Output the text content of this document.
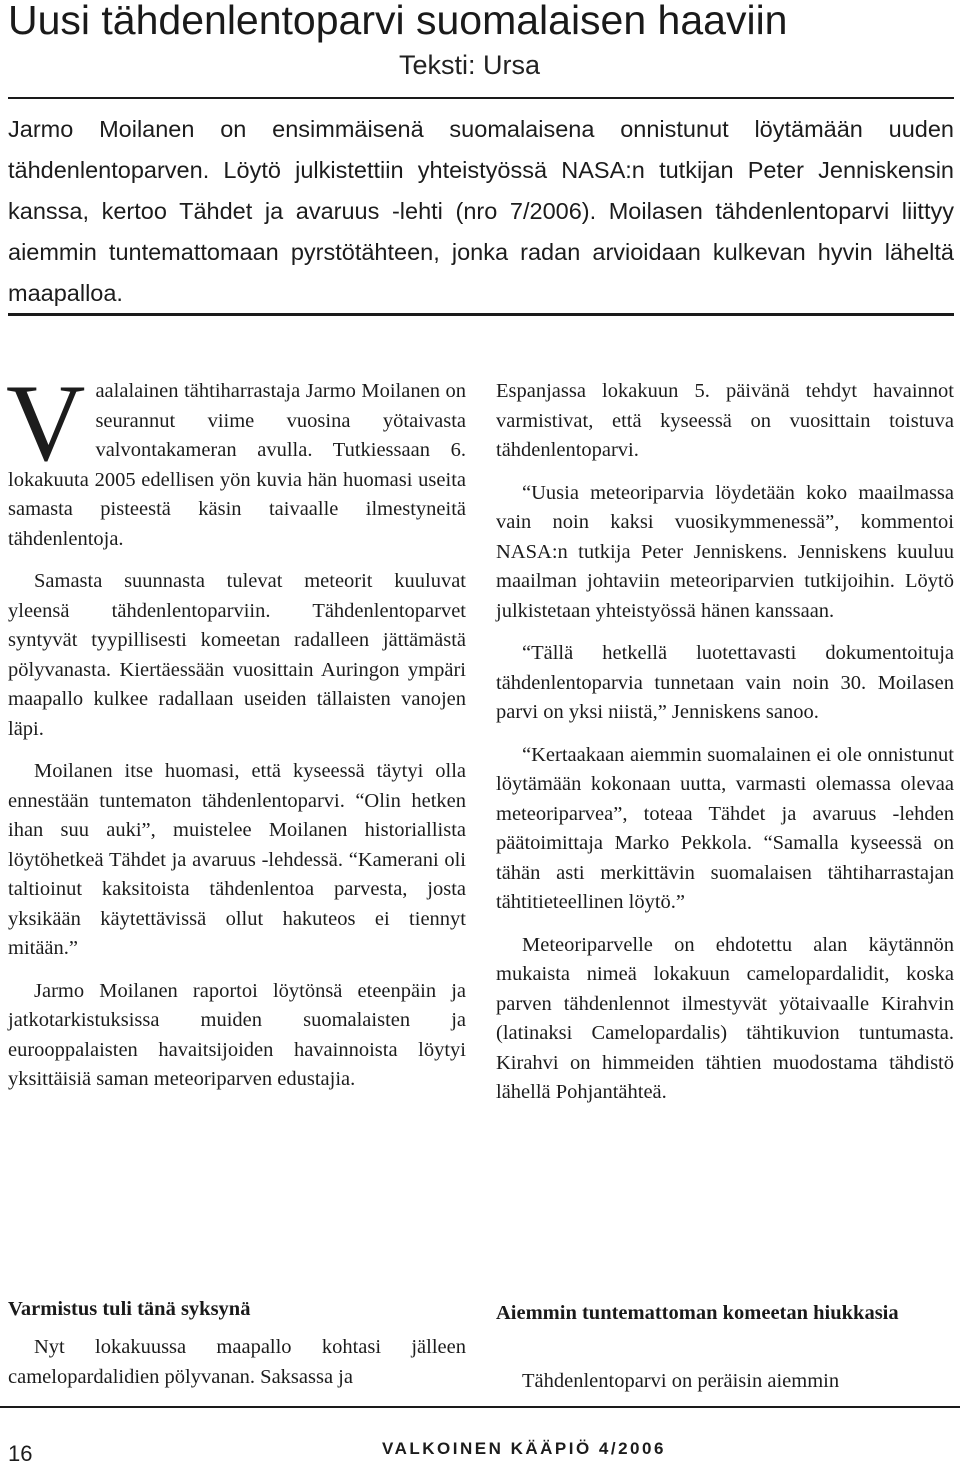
Uusi tähdenlentoparvi suomalaisen haaviin
Teksti: Ursa

Jarmo Moilanen on ensimmäisenä suomalaisena onnistunut löytämään uuden tähdenlentoparven. Löytö julkistettiin yhteistyössä NASA:n tutkijan Peter Jenniskensin kanssa, kertoo Tähdet ja avaruus -lehti (nro 7/2006). Moilasen tähdenlentoparvi liittyy aiemmin tuntemattomaan pyrstötähteen, jonka radan arvioidaan kulkevan hyvin läheltä maapalloa.

Vaalalainen tähtiharrastaja Jarmo Moilanen on seurannut viime vuosina yötaivasta valvontakameran avulla. Tutkiessaan 6. lokakuuta 2005 edellisen yön kuvia hän huomasi useita samasta pisteestä käsin taivaalle ilmestyneitä tähdenlentoja.

Samasta suunnasta tulevat meteorit kuuluvat yleensä tähdenlentoparviin. Tähdenlentoparvet syntyvät tyypillisesti komeetan radalleen jättämästä pölyvanasta. Kiertäessään vuosittain Auringon ympäri maapallo kulkee radallaan useiden tällaisten vanojen läpi.

Moilanen itse huomasi, että kyseessä täytyi olla ennestään tuntematon tähdenlentoparvi. “Olin hetken ihan suu auki”, muistelee Moilanen historiallista löytöhetkeä Tähdet ja avaruus -lehdessä. “Kamerani oli taltioinut kaksitoista tähdenlentoa parvesta, josta yksikään käytettävissä ollut hakuteos ei tiennyt mitään.”

Jarmo Moilanen raportoi löytönsä eteenpäin ja jatkotarkistuksissa muiden suomalaisten ja eurooppalaisten havaitsijoiden havainnoista löytyi yksittäisiä saman meteoriparven edustajia.

Espanjassa lokakuun 5. päivänä tehdyt havainnot varmistivat, että kyseessä on vuosittain toistuva tähdenlentoparvi.

“Uusia meteoriparvia löydetään koko maailmassa vain noin kaksi vuosikymmenessä”, kommentoi NASA:n tutkija Peter Jenniskens. Jenniskens kuuluu maailman johtaviin meteoriparvien tutkijoihin. Löytö julkistetaan yhteistyössä hänen kanssaan.

“Tällä hetkellä luotettavasti dokumentoituja tähdenlentoparvia tunnetaan vain noin 30. Moilasen parvi on yksi niistä,” Jenniskens sanoo.

“Kertaakaan aiemmin suomalainen ei ole onnistunut löytämään kokonaan uutta, varmasti olemassa olevaa meteoriparvea”, toteaa Tähdet ja avaruus -lehden päätoimittaja Marko Pekkola. “Samalla kyseessä on tähän asti merkittävin suomalaisen tähtiharrastajan tähtitieteellinen löytö.”

Meteoriparvelle on ehdotettu alan käytännön mukaista nimeä lokakuun camelopardalidit, koska parven tähdenlennot ilmestyvät yötaivaalle Kirahvin (latinaksi Camelopardalis) tähtikuvion tuntumasta. Kirahvi on himmeiden tähtien muodostama tähdistö lähellä Pohjantähteä.

Varmistus tuli tänä syksynä

Nyt lokakuussa maapallo kohtasi jälleen camelopardalidien pölyvanan. Saksassa ja

Aiemmin tuntemattoman komeetan hiukkasia

Tähdenlentoparvi on peräisin aiemmin

16	VALKOINEN KÄÄPIÖ 4/2006
